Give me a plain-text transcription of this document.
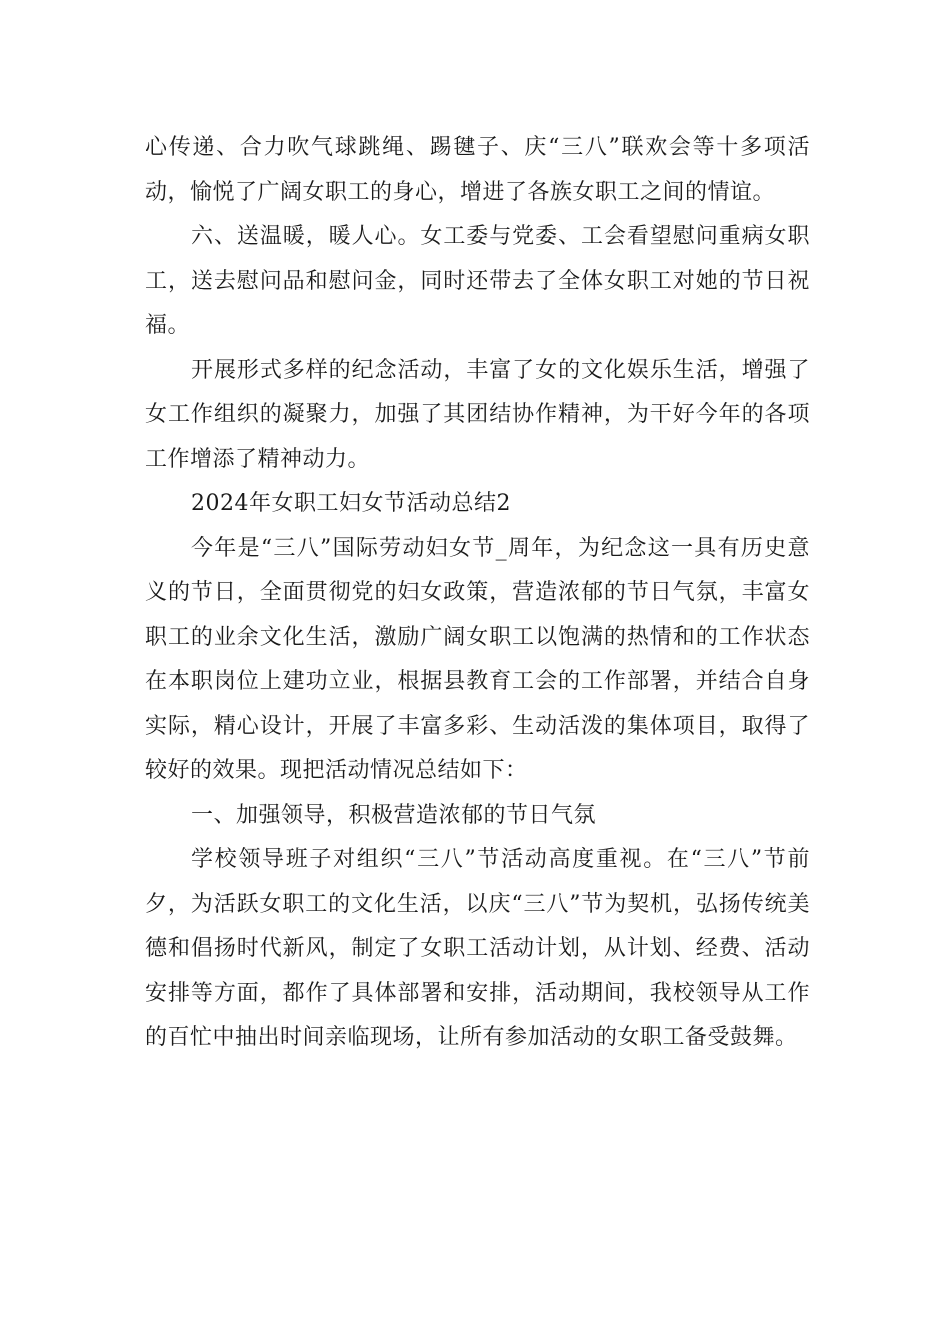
心传递、合力吹气球跳绳、踢毽子、庆“三八”联欢会等十多项活动，愉悦了广阔女职工的身心，增进了各族女职工之间的情谊。

六、送温暖，暖人心。女工委与党委、工会看望慰问重病女职工，送去慰问品和慰问金，同时还带去了全体女职工对她的节日祝福。

开展形式多样的纪念活动，丰富了女的文化娱乐生活，增强了女工作组织的凝聚力，加强了其团结协作精神，为干好今年的各项工作增添了精神动力。

2024年女职工妇女节活动总结2

今年是“三八”国际劳动妇女节_周年，为纪念这一具有历史意义的节日，全面贯彻党的妇女政策，营造浓郁的节日气氛，丰富女职工的业余文化生活，激励广阔女职工以饱满的热情和的工作状态在本职岗位上建功立业，根据县教育工会的工作部署，并结合自身实际，精心设计，开展了丰富多彩、生动活泼的集体项目，取得了较好的效果。现把活动情况总结如下：

一、加强领导，积极营造浓郁的节日气氛

学校领导班子对组织“三八”节活动高度重视。在“三八”节前夕，为活跃女职工的文化生活，以庆“三八”节为契机，弘扬传统美德和倡扬时代新风，制定了女职工活动计划，从计划、经费、活动安排等方面，都作了具体部署和安排，活动期间，我校领导从工作的百忙中抽出时间亲临现场，让所有参加活动的女职工备受鼓舞。
